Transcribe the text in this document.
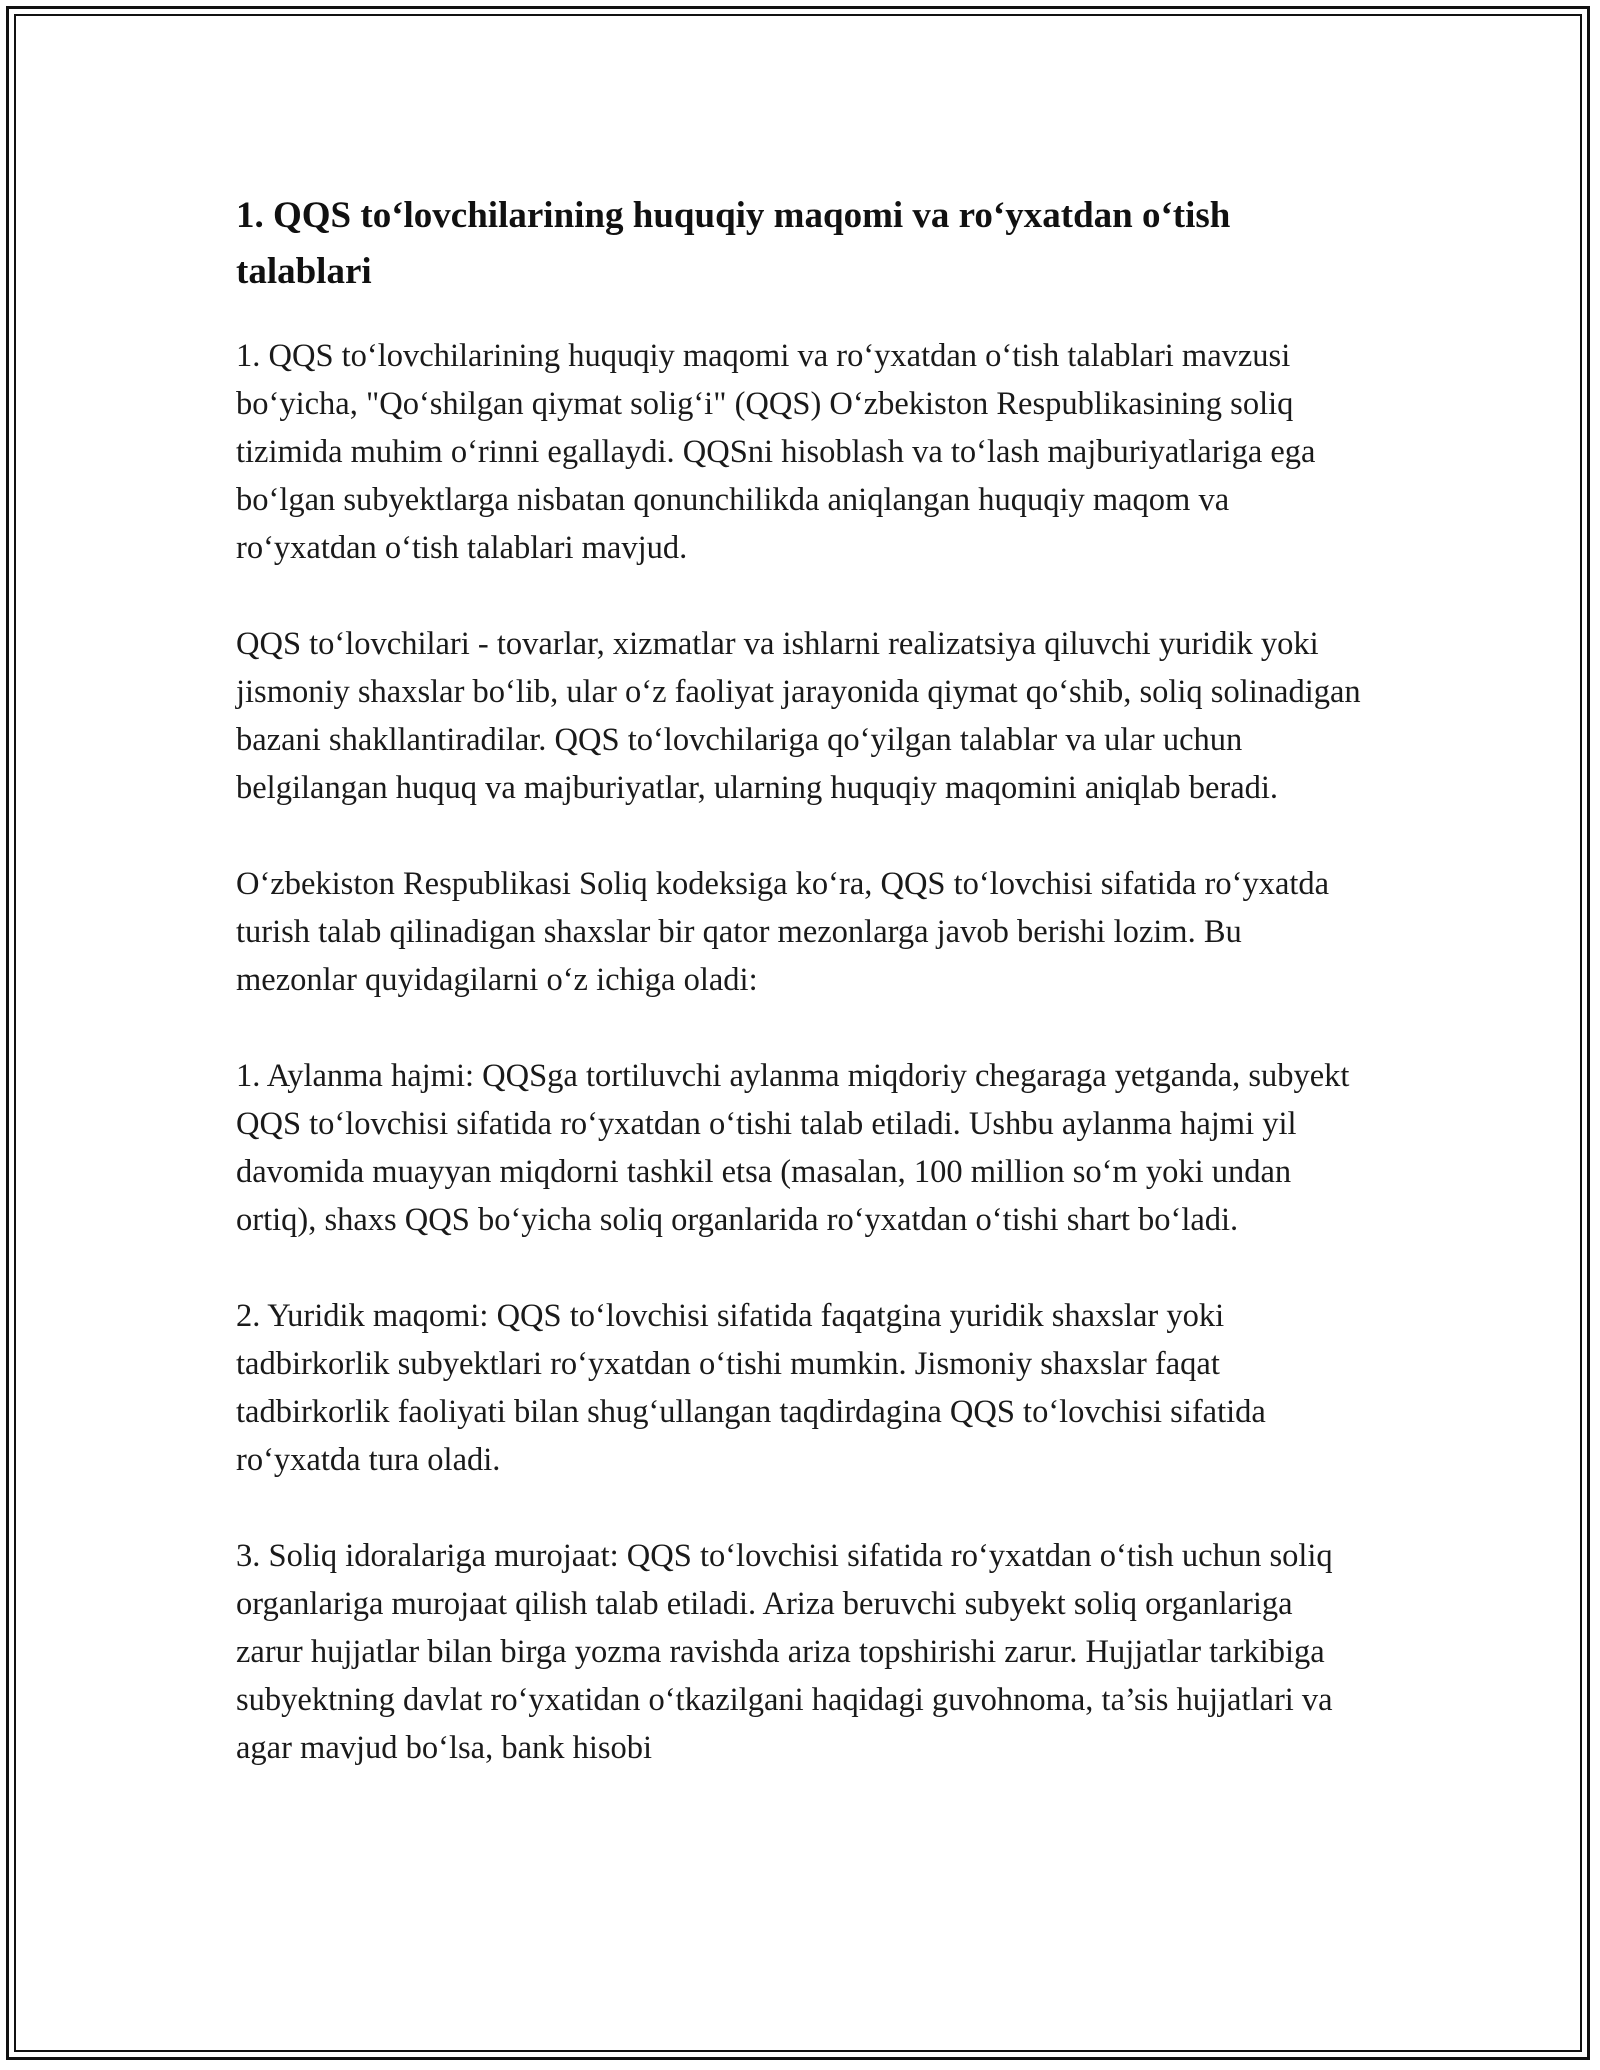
1. QQS to‘lovchilarining huquqiy maqomi va ro‘yxatdan o‘tish talablari

1. QQS to‘lovchilarining huquqiy maqomi va ro‘yxatdan o‘tish talablari mavzusi bo‘yicha, "Qo‘shilgan qiymat solig‘i" (QQS) O‘zbekiston Respublikasining soliq tizimida muhim o‘rinni egallaydi. QQSni hisoblash va to‘lash majburiyatlariga ega bo‘lgan subyektlarga nisbatan qonunchilikda aniqlangan huquqiy maqom va ro‘yxatdan o‘tish talablari mavjud.

QQS to‘lovchilari - tovarlar, xizmatlar va ishlarni realizatsiya qiluvchi yuridik yoki jismoniy shaxslar bo‘lib, ular o‘z faoliyat jarayonida qiymat qo‘shib, soliq solinadigan bazani shakllantiradilar. QQS to‘lovchilariga qo‘yilgan talablar va ular uchun belgilangan huquq va majburiyatlar, ularning huquqiy maqomini aniqlab beradi.

O‘zbekiston Respublikasi Soliq kodeksiga ko‘ra, QQS to‘lovchisi sifatida ro‘yxatda turish talab qilinadigan shaxslar bir qator mezonlarga javob berishi lozim. Bu mezonlar quyidagilarni o‘z ichiga oladi:

1. Aylanma hajmi: QQSga tortiluvchi aylanma miqdoriy chegaraga yetganda, subyekt QQS to‘lovchisi sifatida ro‘yxatdan o‘tishi talab etiladi. Ushbu aylanma hajmi yil davomida muayyan miqdorni tashkil etsa (masalan, 100 million so‘m yoki undan ortiq), shaxs QQS bo‘yicha soliq organlarida ro‘yxatdan o‘tishi shart bo‘ladi.

2. Yuridik maqomi: QQS to‘lovchisi sifatida faqatgina yuridik shaxslar yoki tadbirkorlik subyektlari ro‘yxatdan o‘tishi mumkin. Jismoniy shaxslar faqat tadbirkorlik faoliyati bilan shug‘ullangan taqdirdagina QQS to‘lovchisi sifatida ro‘yxatda tura oladi.

3. Soliq idoralariga murojaat: QQS to‘lovchisi sifatida ro‘yxatdan o‘tish uchun soliq organlariga murojaat qilish talab etiladi. Ariza beruvchi subyekt soliq organlariga zarur hujjatlar bilan birga yozma ravishda ariza topshirishi zarur. Hujjatlar tarkibiga subyektning davlat ro‘yxatidan o‘tkazilgani haqidagi guvohnoma, ta’sis hujjatlari va agar mavjud bo‘lsa, bank hisobi
